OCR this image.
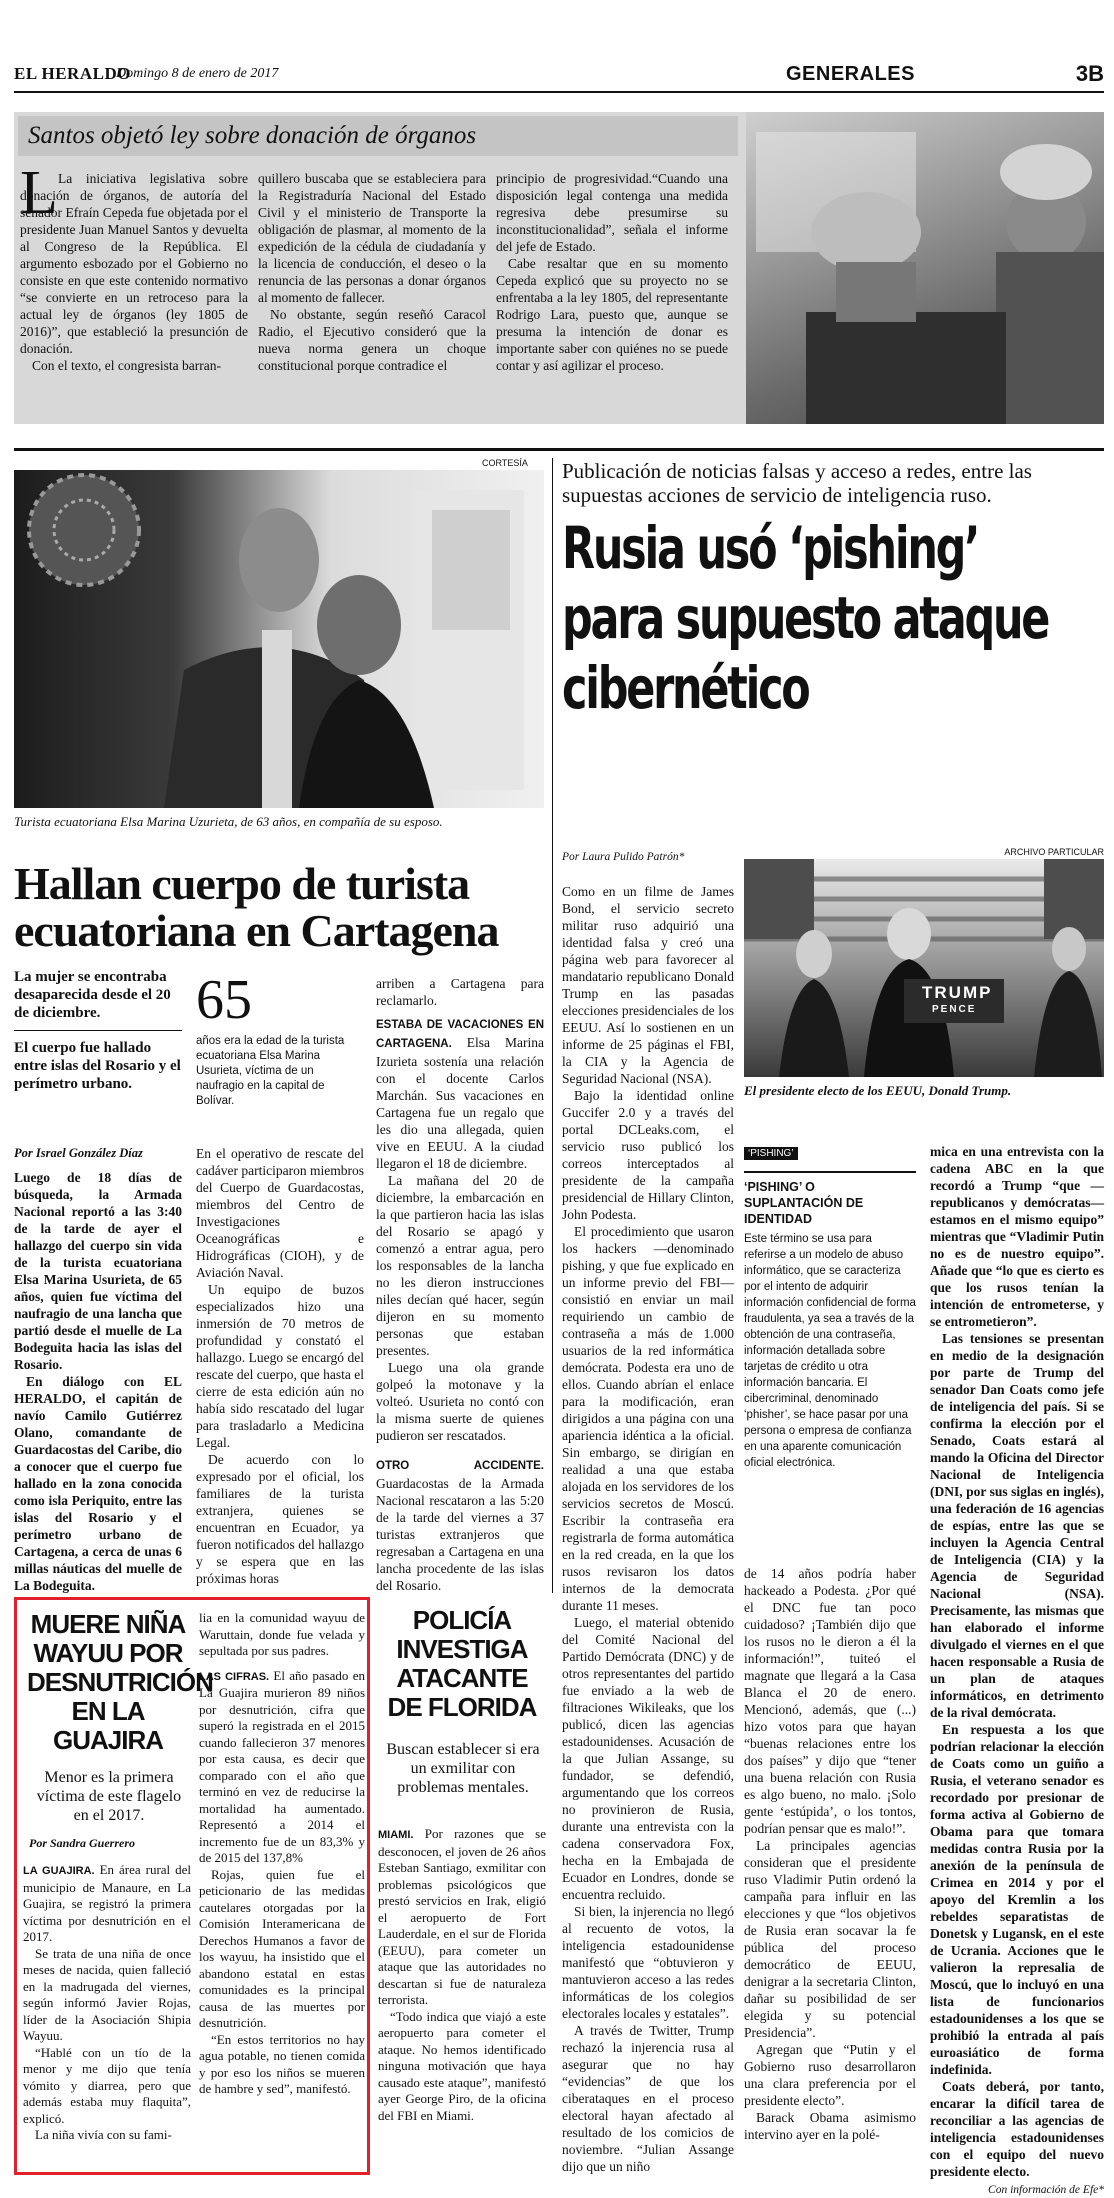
EL HERALDO
Domingo 8 de enero de 2017	GENERALES	3B
Santos objetó ley sobre donación de órganos
L La iniciativa legislativa sobre donación de órganos, de autoría del senador Efraín Cepeda fue objetada por el presidente Juan Manuel Santos y devuelta al Congreso de la República. El argumento esbozado por el Gobierno no consiste en que este contenido normativo “se convierte en un retroceso para la actual ley de órganos (ley 1805 de 2016)”, que estableció la presunción de donación.

Con el texto, el congresista barran-

quillero buscaba que se estableciera para la Registraduría Nacional del Estado Civil y el ministerio de Transporte la obligación de plasmar, al momento de la expedición de la cédula de ciudadanía y la licencia de conducción, el deseo o la renuncia de las personas a donar órganos al momento de fallecer.

No obstante, según reseñó Caracol Radio, el Ejecutivo consideró que la nueva norma genera un choque constitucional porque contradice el

principio de progresividad.“Cuando una disposición legal contenga una medida regresiva debe presumirse su inconstitucionalidad”, señala el informe del jefe de Estado.

Cabe resaltar que en su momento Cepeda explicó que su proyecto no se enfrentaba a la ley 1805, del representante Rodrigo Lara, puesto que, aunque se presuma la intención de donar es importante saber con quiénes no se puede contar y así agilizar el proceso.

CORTESÍA

Turista ecuatoriana Elsa Marina Uzurieta, de 63 años, en compañía de su esposo.

Hallan cuerpo de turista ecuatoriana en Cartagena

La mujer se encontraba desaparecida desde el 20 de diciembre.

El cuerpo fue hallado entre islas del Rosario y el perímetro urbano.

65

años era la edad de la turista ecuatoriana Elsa Marina Usurieta, víctima de un naufragio en la capital de Bolívar.

arriben a Cartagena para reclamarlo.

Por Israel González Díaz

Luego de 18 días de búsqueda, la Armada Nacional reportó a las 3:40 de la tarde de ayer el hallazgo del cuerpo sin vida de la turista ecuatoriana Elsa Marina Usurieta, de 65 años, quien fue víctima del naufragio de una lancha que partió desde el muelle de La Bodeguita hacia las islas del Rosario.

En diálogo con EL HERALDO, el capitán de navío Camilo Gutiérrez Olano, comandante de Guardacostas del Caribe, dio a conocer que el cuerpo fue hallado en la zona conocida como isla Periquito, entre las islas del Rosario y el perímetro urbano de Cartagena, a cerca de unas 6 millas náuticas del muelle de La Bodeguita.

En el operativo de rescate del cadáver participaron miembros del Cuerpo de Guardacostas, miembros del Centro de Investigaciones Oceanográficas e Hidrográficas (CIOH), y de Aviación Naval.

Un equipo de buzos especializados hizo una inmersión de 70 metros de profundidad y constató el hallazgo. Luego se encargó del rescate del cuerpo, que hasta el cierre de esta edición aún no había sido rescatado del lugar para trasladarlo a Medicina Legal.

De acuerdo con lo expresado por el oficial, los familiares de la turista extranjera, quienes se encuentran en Ecuador, ya fueron notificados del hallazgo y se espera que en las próximas horas

ESTABA DE VACACIONES EN CARTAGENA. Elsa Marina Izurieta sostenía una relación con el docente Carlos Marchán. Sus vacaciones en Cartagena fue un regalo que les dio una allegada, quien vive en EEUU. A la ciudad llegaron el 18 de diciembre.

La mañana del 20 de diciembre, la embarcación en la que partieron hacia las islas del Rosario se apagó y comenzó a entrar agua, pero los responsables de la lancha no les dieron instrucciones niles decían qué hacer, según dijeron en su momento personas que estaban presentes.

Luego una ola grande golpeó la motonave y la volteó. Usurieta no contó con la misma suerte de quienes pudieron ser rescatados.

OTRO ACCIDENTE. Guardacostas de la Armada Nacional rescataron a las 5:20 de la tarde del viernes a 37 turistas extranjeros que regresaban a Cartagena en una lancha procedente de las islas del Rosario.

Publicación de noticias falsas y acceso a redes, entre las supuestas acciones de servicio de inteligencia ruso.

Rusia usó ‘pishing’ para supuesto ataque cibernético
ARCHIVO PARTICULAR

Por Laura Pulido Patrón*

TRUMP
PENCE

El presidente electo de los EEUU, Donald Trump.

Como en un filme de James Bond, el servicio secreto militar ruso adquirió una identidad falsa y creó una página web para favorecer al mandatario republicano Donald Trump en las pasadas elecciones presidenciales de los EEUU. Así lo sostienen en un informe de 25 páginas el FBI, la CIA y la Agencia de Seguridad Nacional (NSA).

Bajo la identidad online Guccifer 2.0 y a través del portal DCLeaks.com, el servicio ruso publicó los correos interceptados al presidente de la campaña presidencial de Hillary Clinton, John Podesta.

El procedimiento que usaron los hackers —denominado pishing, y que fue explicado en un informe previo del FBI— consistió en enviar un mail requiriendo un cambio de contraseña a más de 1.000 usuarios de la red informática demócrata. Podesta era uno de ellos. Cuando abrían el enlace para la modificación, eran dirigidos a una página con una apariencia idéntica a la oficial. Sin embargo, se dirigían en realidad a una que estaba alojada en los servidores de los servicios secretos de Moscú. Escribir la contraseña era registrarla de forma automática en la red creada, en la que los rusos revisaron los datos internos de la democrata durante 11 meses.

Luego, el material obtenido del Comité Nacional del Partido Demócrata (DNC) y de otros representantes del partido fue enviado a la web de filtraciones Wikileaks, que los publicó, dicen las agencias estadounidenses. Acusación de la que Julian Assange, su fundador, se defendió, argumentando que los correos no provinieron de Rusia, durante una entrevista con la cadena conservadora Fox, hecha en la Embajada de Ecuador en Londres, donde se encuentra recluido.

Si bien, la injerencia no llegó al recuento de votos, la inteligencia estadounidense manifestó que “obtuvieron y mantuvieron acceso a las redes informáticas de los colegios electorales locales y estatales”.

A través de Twitter, Trump rechazó la injerencia rusa al asegurar que no hay “evidencias” de que los ciberataques en el proceso electoral hayan afectado al resultado de los comicios de noviembre. “Julian Assange dijo que un niño

‘PISHING’

‘PISHING’ O SUPLANTACIÓN DE IDENTIDAD

Este término se usa para referirse a un modelo de abuso informático, que se caracteriza por el intento de adquirir información confidencial de forma fraudulenta, ya sea a través de la obtención de una contraseña, información detallada sobre tarjetas de crédito u otra información bancaria. El cibercriminal, denominado ‘phisher’, se hace pasar por una persona o empresa de confianza en una aparente comunicación oficial electrónica.

de 14 años podría haber hackeado a Podesta. ¿Por qué el DNC fue tan poco cuidadoso? ¡También dijo que los rusos no le dieron a él la información!”, tuiteó el magnate que llegará a la Casa Blanca el 20 de enero. Mencionó, además, que (...) hizo votos para que hayan “buenas relaciones entre los dos países” y dijo que “tener una buena relación con Rusia es algo bueno, no malo. ¡Solo gente ‘estúpida’, o los tontos, podrían pensar que es malo!”.

La principales agencias consideran que el presidente ruso Vladimir Putin ordenó la campaña para influir en las elecciones y que “los objetivos de Rusia eran socavar la fe pública del proceso democrático de EEUU, denigrar a la secretaria Clinton, dañar su posibilidad de ser elegida y su potencial Presidencia”.

Agregan que “Putin y el Gobierno ruso desarrollaron una clara preferencia por el presidente electo”.

Barack Obama asimismo intervino ayer en la polé-

mica en una entrevista con la cadena ABC en la que recordó a Trump “que —republicanos y demócratas— estamos en el mismo equipo” mientras que “Vladimir Putin no es de nuestro equipo”. Añade que “lo que es cierto es que los rusos tenían la intención de entrometerse, y se entrometieron”.

Las tensiones se presentan en medio de la designación por parte de Trump del senador Dan Coats como jefe de inteligencia del país. Si se confirma la elección por el Senado, Coats estará al mando la Oficina del Director Nacional de Inteligencia (DNI, por sus siglas en inglés), una federación de 16 agencias de espías, entre las que se incluyen la Agencia Central de Inteligencia (CIA) y la Agencia de Seguridad Nacional (NSA). Precisamente, las mismas que han elaborado el informe divulgado el viernes en el que hacen responsable a Rusia de un plan de ataques informáticos, en detrimento de la rival demócrata.

En respuesta a los que podrían relacionar la elección de Coats como un guiño a Rusia, el veterano senador es recordado por presionar de forma activa al Gobierno de Obama para que tomara medidas contra Rusia por la anexión de la península de Crimea en 2014 y por el apoyo del Kremlin a los rebeldes separatistas de Donetsk y Lugansk, en el este de Ucrania. Acciones que le valieron la represalia de Moscú, que lo incluyó en una lista de funcionarios estadounidenses a los que se prohibió la entrada al país euroasiático de forma indefinida.

Coats deberá, por tanto, encarar la difícil tarea de reconciliar a las agencias de inteligencia estadounidenses con el equipo del nuevo presidente electo.

Con información de Efe*

MUERE NIÑA WAYUU POR DESNUTRICIÓN EN LA GUAJIRA

Menor es la primera víctima de este flagelo en el 2017.

Por Sandra Guerrero

LA GUAJIRA. En área rural del municipio de Manaure, en La Guajira, se registró la primera víctima por desnutrición en el 2017.

Se trata de una niña de once meses de nacida, quien falleció en la madrugada del viernes, según informó Javier Rojas, líder de la Asociación Shipia Wayuu.

“Hablé con un tío de la menor y me dijo que tenía vómito y diarrea, pero que además estaba muy flaquita”, explicó.

La niña vivía con su fami-

lia en la comunidad wayuu de Waruttain, donde fue velada y sepultada por sus padres.

LAS CIFRAS. El año pasado en La Guajira murieron 89 niños por desnutrición, cifra que superó la registrada en el 2015 cuando fallecieron 37 menores por esta causa, es decir que comparado con el año que terminó en vez de reducirse la mortalidad ha aumentado. Representó a 2014 el incremento fue de un 83,3% y de 2015 del 137,8%

Rojas, quien fue el peticionario de las medidas cautelares otorgadas por la Comisión Interamericana de Derechos Humanos a favor de los wayuu, ha insistido que el abandono estatal en estas comunidades es la principal causa de las muertes por desnutrición.

“En estos territorios no hay agua potable, no tienen comida y por eso los niños se mueren de hambre y sed”, manifestó.

POLICÍA INVESTIGA ATACANTE DE FLORIDA

Buscan establecer si era un exmilitar con problemas mentales.

MIAMI. Por razones que se desconocen, el joven de 26 años Esteban Santiago, exmilitar con problemas psicológicos que prestó servicios en Irak, eligió el aeropuerto de Fort Lauderdale, en el sur de Florida (EEUU), para cometer un ataque que las autoridades no descartan si fue de naturaleza terrorista.

“Todo indica que viajó a este aeropuerto para cometer el ataque. No hemos identificado ninguna motivación que haya causado este ataque”, manifestó ayer George Piro, de la oficina del FBI en Miami.
